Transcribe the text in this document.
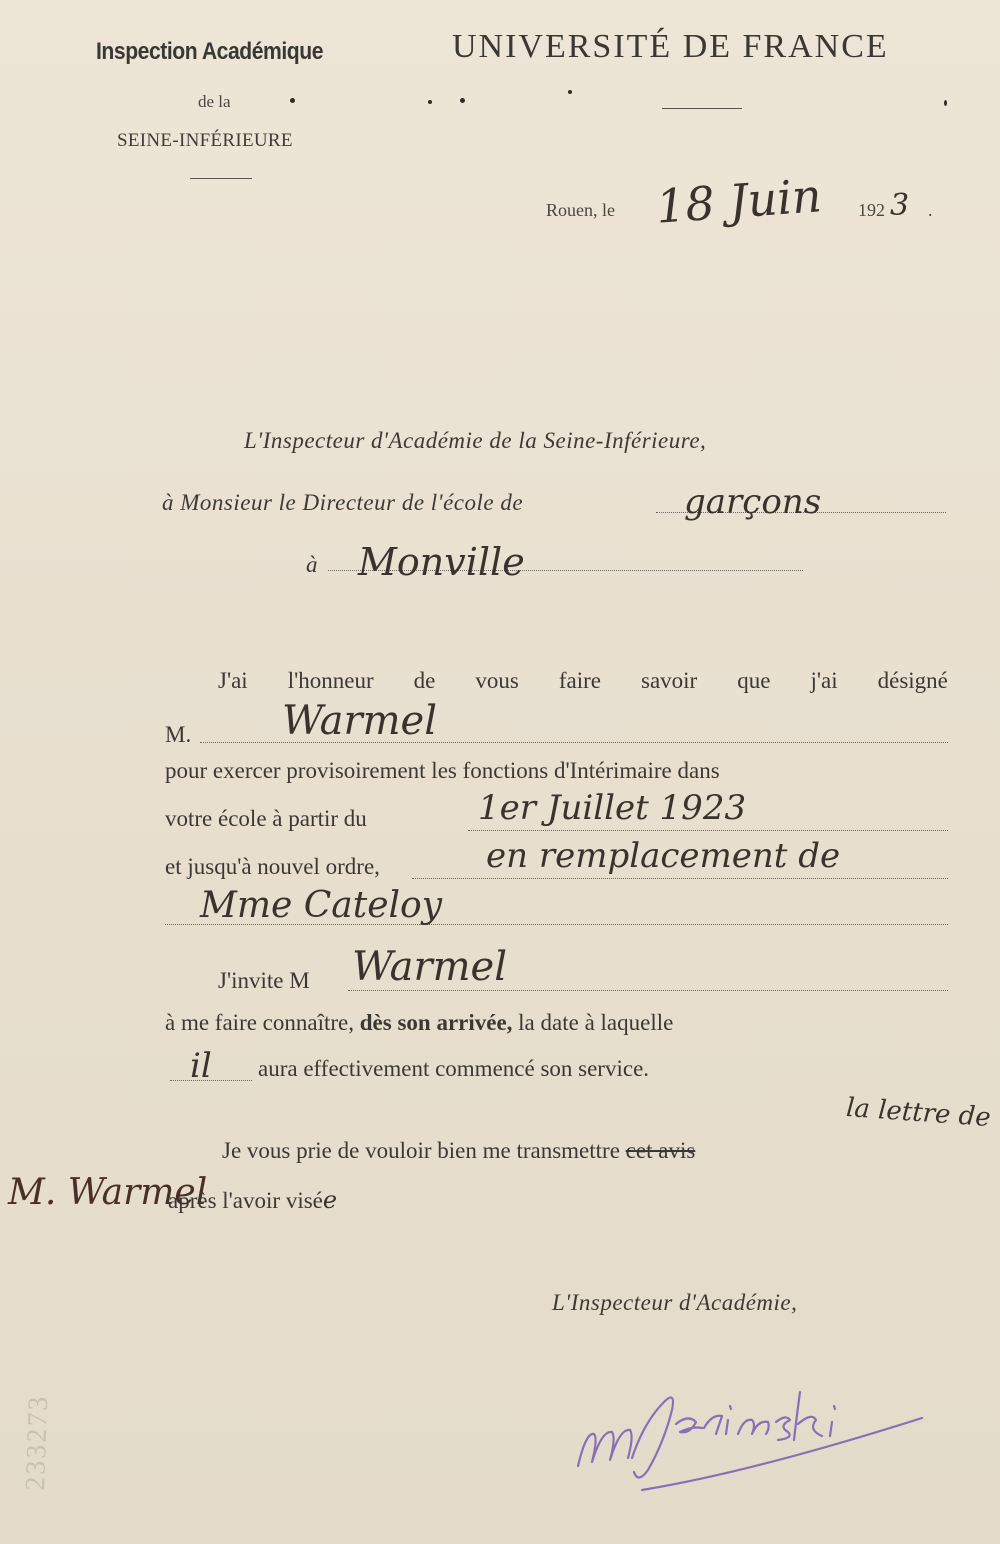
Inspection Académique
de la
SEINE-INFÉRIEURE
UNIVERSITÉ DE FRANCE
Rouen, le 18 Juin 192 3 .
L'Inspecteur d'Académie de la Seine-Inférieure,
à Monsieur le Directeur de l'école de	garçons
à Monville
J'ai l'honneur de vous faire savoir que j'ai désigné
M. Warmel
pour exercer provisoirement les fonctions d'Intérimaire dans
votre école à partir du	1er Juillet 1923
et jusqu'à nouvel ordre,	en remplacement de
Mme Cateloy
J'invite M Warmel
à me faire connaître, dès son arrivée, la date à laquelle
il aura effectivement commencé son service.
la lettre de
Je vous prie de vouloir bien me transmettre cet avis
M. Warmel
après l'avoir visée
L'Inspecteur d'Académie,
233273
